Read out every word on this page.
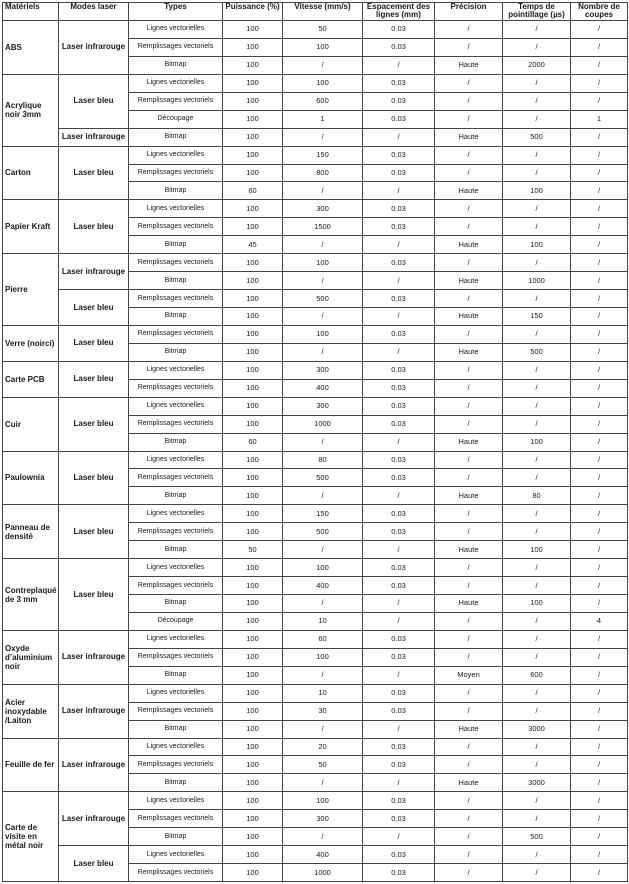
Matériels	Modes laser	Types	Puissance (%)	Vitesse (mm/s)	Espacement des lignes (mm)	Précision	Temps de pointillage (µs)	Nombre de coupes
ABS	Laser infrarouge	Lignes vectorielles	100	50	0.03	/	/	/
		Remplissages vectoriels	100	100	0.03	/	/	/
		Bitmap	100	/	/	Haute	2000	/
Acrylique noir 3mm	Laser bleu	Lignes vectorielles	100	100	0.03	/	/	/
		Remplissages vectoriels	100	600	0.03	/	/	/
		Découpage	100	1	0.03	/	/	1
	Laser infrarouge	Bitmap	100	/	/	Haute	500	/
Carton	Laser bleu	Lignes vectorielles	100	150	0.03	/	/	/
		Remplissages vectoriels	100	800	0.03	/	/	/
		Bitmap	60	/	/	Haute	100	/
Papier Kraft	Laser bleu	Lignes vectorielles	100	300	0.03	/	/	/
		Remplissages vectoriels	100	1500	0.03	/	/	/
		Bitmap	45	/	/	Haute	100	/
Pierre	Laser infrarouge	Remplissages vectoriels	100	100	0.03	/	/	/
		Bitmap	100	/	/	Haute	1000	/
	Laser bleu	Remplissages vectoriels	100	500	0.03	/	/	/
		Bitmap	100	/	/	Haute	150	/
Verre (noirci)	Laser bleu	Remplissages vectoriels	100	100	0.03	/	/	/
		Bitmap	100	/	/	Haute	500	/
Carte PCB	Laser bleu	Lignes vectorielles	100	300	0.03	/	/	/
		Remplissages vectoriels	100	400	0.03	/	/	/
Cuir	Laser bleu	Lignes vectorielles	100	300	0.03	/	/	/
		Remplissages vectoriels	100	1000	0.03	/	/	/
		Bitmap	60	/	/	Haute	100	/
Paulownia	Laser bleu	Lignes vectorielles	100	80	0.03	/	/	/
		Remplissages vectoriels	100	500	0.03	/	/	/
		Bitmap	100	/	/	Haute	80	/
Panneau de densité	Laser bleu	Lignes vectorielles	100	150	0.03	/	/	/
		Remplissages vectoriels	100	500	0.03	/	/	/
		Bitmap	50	/	/	Haute	100	/
Contreplaqué de 3 mm	Laser bleu	Lignes vectorielles	100	100	0.03	/	/	/
		Remplissages vectoriels	100	400	0.03	/	/	/
		Bitmap	100	/	/	Haute	100	/
		Découpage	100	10	/	/	/	4
Oxyde d’aluminium noir	Laser infrarouge	Lignes vectorielles	100	60	0.03	/	/	/
		Remplissages vectoriels	100	100	0.03	/	/	/
		Bitmap	100	/	/	Moyen	600	/
Acier inoxydable /Laiton	Laser infrarouge	Lignes vectorielles	100	10	0.03	/	/	/
		Remplissages vectoriels	100	30	0.03	/	/	/
		Bitmap	100	/	/	Haute	3000	/
Feuille de fer	Laser infrarouge	Lignes vectorielles	100	20	0.03	/	/	/
		Remplissages vectoriels	100	50	0.03	/	/	/
		Bitmap	100	/	/	Haute	3000	/
Carte de visite en métal noir	Laser infrarouge	Lignes vectorielles	100	100	0.03	/	/	/
		Remplissages vectoriels	100	300	0.03	/	/	/
		Bitmap	100	/	/	/	500	/
	Laser bleu	Lignes vectorielles	100	400	0.03	/	/	/
		Remplissages vectoriels	100	1000	0.03	/	/	/
